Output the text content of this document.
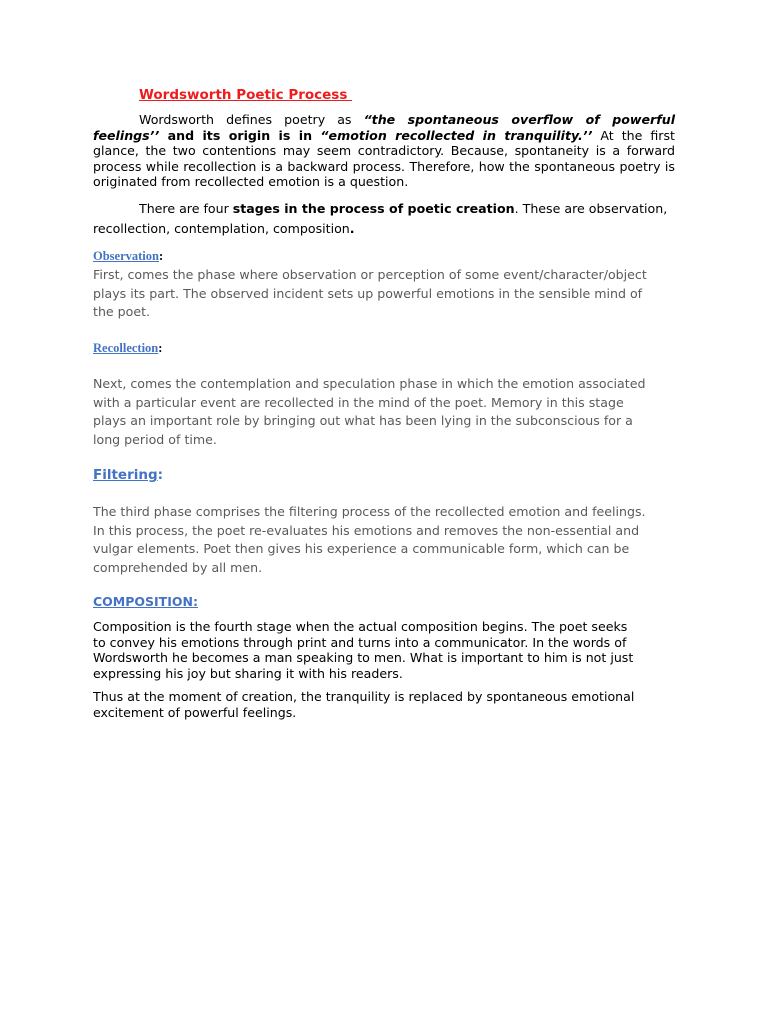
Wordsworth Poetic Process
Wordsworth defines poetry as “the spontaneous overflow of powerful
feelings’’ and its origin is in “emotion recollected in tranquility.’’ At the first
glance, the two contentions may seem contradictory. Because, spontaneity is a forward
process while recollection is a backward process. Therefore, how the spontaneous poetry is
originated from recollected emotion is a question.
There are four stages in the process of poetic creation. These are observation,
recollection, contemplation, composition.
Observation:
First, comes the phase where observation or perception of some event/character/object
plays its part. The observed incident sets up powerful emotions in the sensible mind of
the poet.
Recollection:
Next, comes the contemplation and speculation phase in which the emotion associated
with a particular event are recollected in the mind of the poet. Memory in this stage
plays an important role by bringing out what has been lying in the subconscious for a
long period of time.
Filtering:
The third phase comprises the filtering process of the recollected emotion and feelings.
In this process, the poet re-evaluates his emotions and removes the non-essential and
vulgar elements. Poet then gives his experience a communicable form, which can be
comprehended by all men.
COMPOSITION:
Composition is the fourth stage when the actual composition begins. The poet seeks
to convey his emotions through print and turns into a communicator. In the words of
Wordsworth he becomes a man speaking to men. What is important to him is not just
expressing his joy but sharing it with his readers.
Thus at the moment of creation, the tranquility is replaced by spontaneous emotional
excitement of powerful feelings.
